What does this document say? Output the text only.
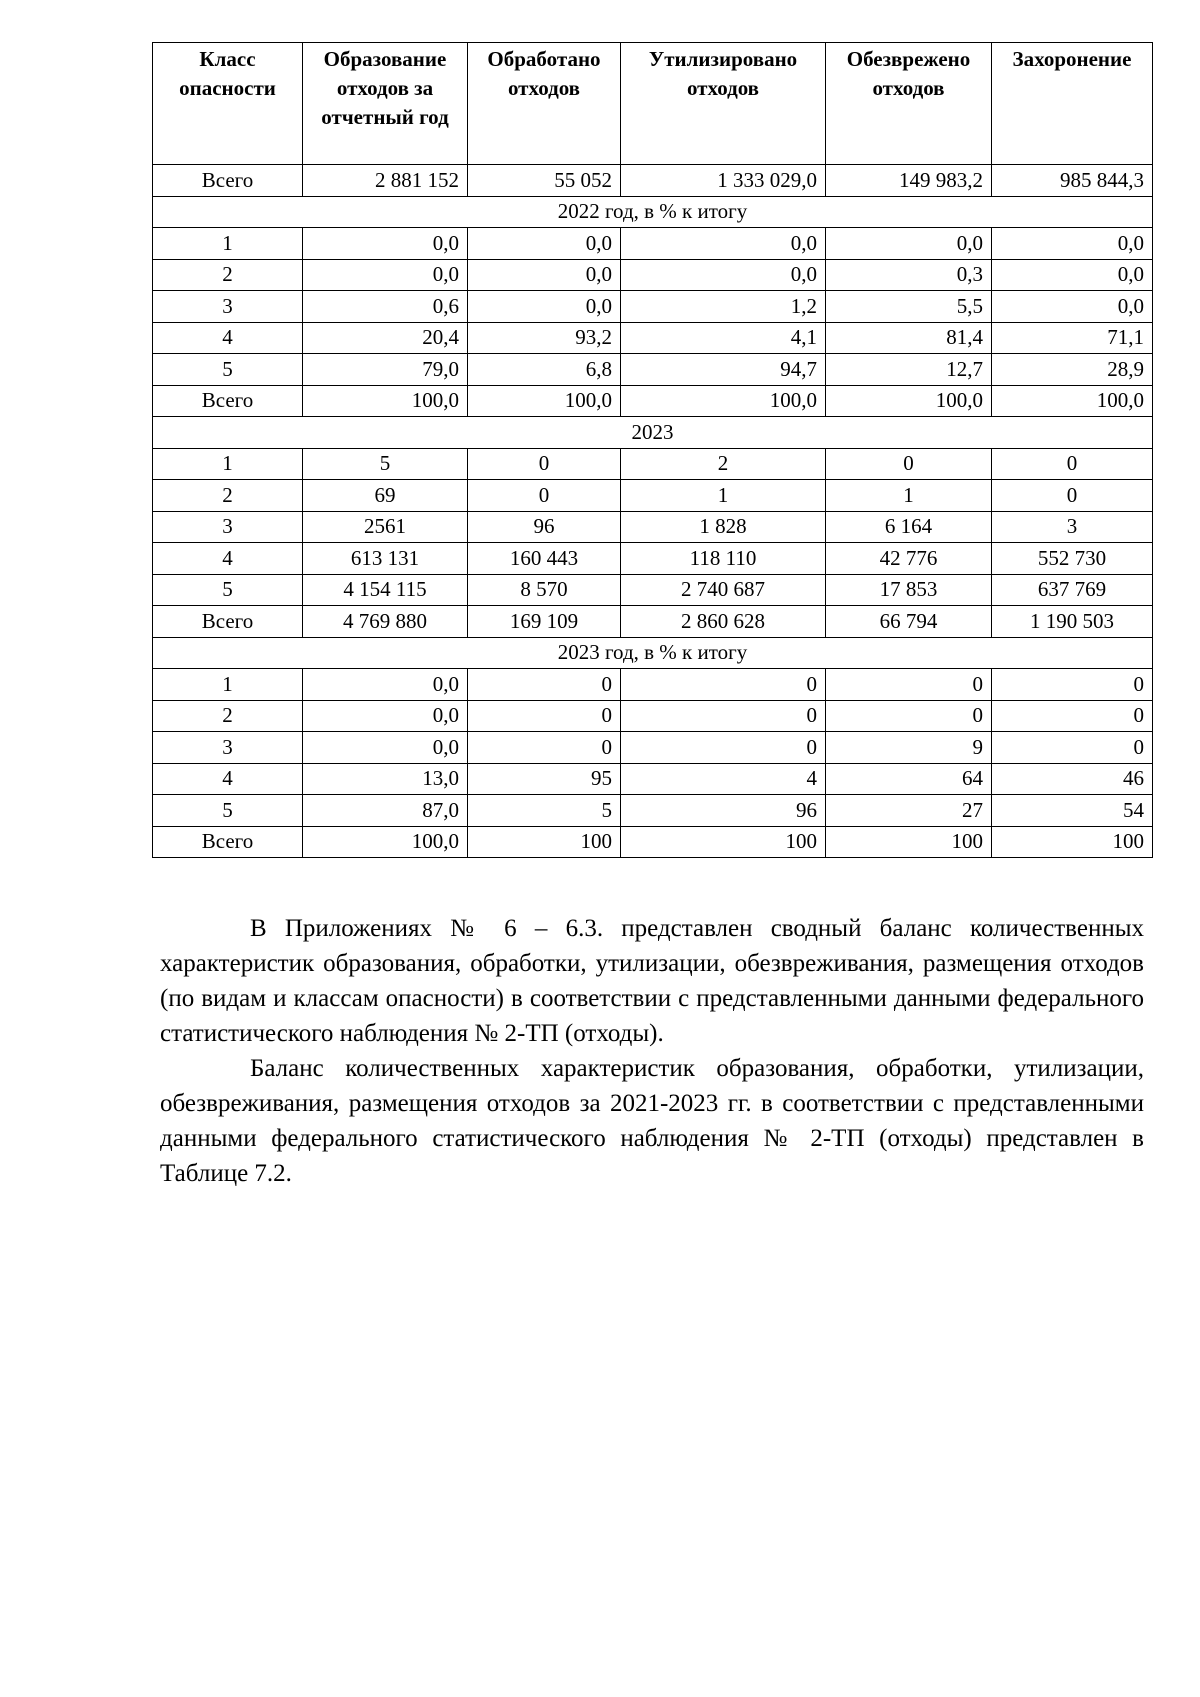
Класс опасности	Образование отходов за отчетный год	Обработано отходов	Утилизировано отходов	Обезврежено отходов	Захоронение
Всего	2 881 152	55 052	1 333 029,0	149 983,2	985 844,3
2022 год, в % к итогу					
1	0,0	0,0	0,0	0,0	0,0
2	0,0	0,0	0,0	0,3	0,0
3	0,6	0,0	1,2	5,5	0,0
4	20,4	93,2	4,1	81,4	71,1
5	79,0	6,8	94,7	12,7	28,9
Всего	100,0	100,0	100,0	100,0	100,0
2023					
1	5	0	2	0	0
2	69	0	1	1	0
3	2561	96	1 828	6 164	3
4	613 131	160 443	118 110	42 776	552 730
5	4 154 115	8 570	2 740 687	17 853	637 769
Всего	4 769 880	169 109	2 860 628	66 794	1 190 503
2023 год, в % к итогу					
1	0,0	0	0	0	0
2	0,0	0	0	0	0
3	0,0	0	0	9	0
4	13,0	95	4	64	46
5	87,0	5	96	27	54
Всего	100,0	100	100	100	100

В Приложениях № 6 – 6.3. представлен сводный баланс количественных характеристик образования, обработки, утилизации, обезвреживания, размещения отходов (по видам и классам опасности) в соответствии с представленными данными федерального статистического наблюдения № 2-ТП (отходы).

Баланс количественных характеристик образования, обработки, утилизации, обезвреживания, размещения отходов за 2021-2023 гг. в соответствии с представленными данными федерального статистического наблюдения № 2-ТП (отходы) представлен в Таблице 7.2.
